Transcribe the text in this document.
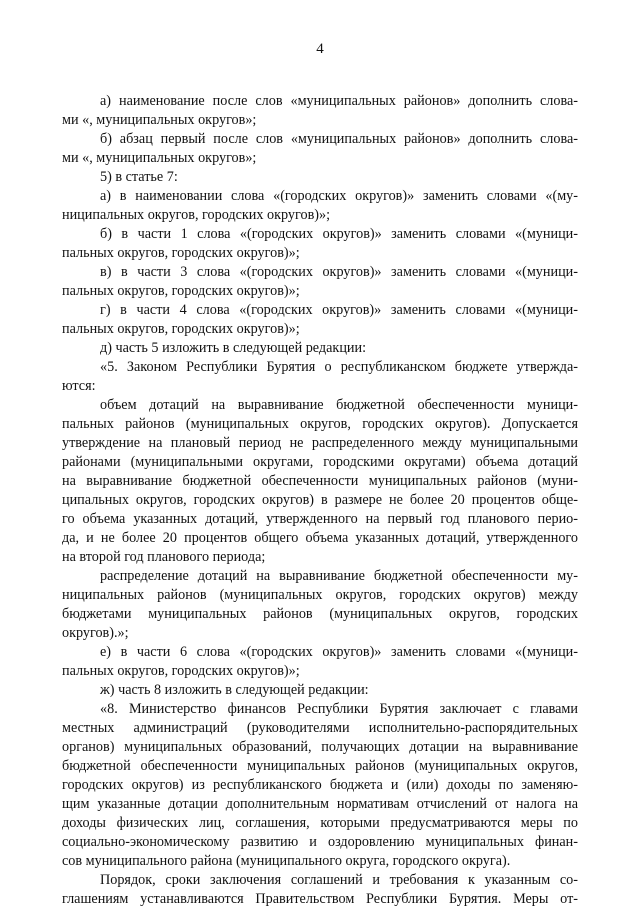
4

а) наименование после слов «муниципальных районов» дополнить слова-

ми «, муниципальных округов»;

б) абзац первый после слов «муниципальных районов» дополнить слова-

ми «, муниципальных округов»;

5) в статье 7:

а) в наименовании слова «(городских округов)» заменить словами «(му-

ниципальных округов, городских округов)»;

б) в части 1 слова «(городских округов)» заменить словами «(муници-

пальных округов, городских округов)»;

в) в части 3 слова «(городских округов)» заменить словами «(муници-

пальных округов, городских округов)»;

г) в части 4 слова «(городских округов)» заменить словами «(муници-

пальных округов, городских округов)»;

д) часть 5 изложить в следующей редакции:

«5. Законом Республики Бурятия о республиканском бюджете утвержда-

ются:

объем дотаций на выравнивание бюджетной обеспеченности муници-

пальных районов (муниципальных округов, городских округов). Допускается

утверждение на плановый период не распределенного между муниципальными

районами (муниципальными округами, городскими округами) объема дотаций

на выравнивание бюджетной обеспеченности муниципальных районов (муни-

ципальных округов, городских округов) в размере не более 20 процентов обще-

го объема указанных дотаций, утвержденного на первый год планового перио-

да, и не более 20 процентов общего объема указанных дотаций, утвержденного

на второй год планового периода;

распределение дотаций на выравнивание бюджетной обеспеченности му-

ниципальных районов (муниципальных округов, городских округов) между

бюджетами муниципальных районов (муниципальных округов, городских

округов).»;

е) в части 6 слова «(городских округов)» заменить словами «(муници-

пальных округов, городских округов)»;

ж) часть 8 изложить в следующей редакции:

«8. Министерство финансов Республики Бурятия заключает с главами

местных администраций (руководителями исполнительно-распорядительных

органов) муниципальных образований, получающих дотации на выравнивание

бюджетной обеспеченности муниципальных районов (муниципальных округов,

городских округов) из республиканского бюджета и (или) доходы по заменяю-

щим указанные дотации дополнительным нормативам отчислений от налога на

доходы физических лиц, соглашения, которыми предусматриваются меры по

социально-экономическому развитию и оздоровлению муниципальных финан-

сов муниципального района (муниципального округа, городского округа).

Порядок, сроки заключения соглашений и требования к указанным со-

глашениям устанавливаются Правительством Республики Бурятия. Меры от-
